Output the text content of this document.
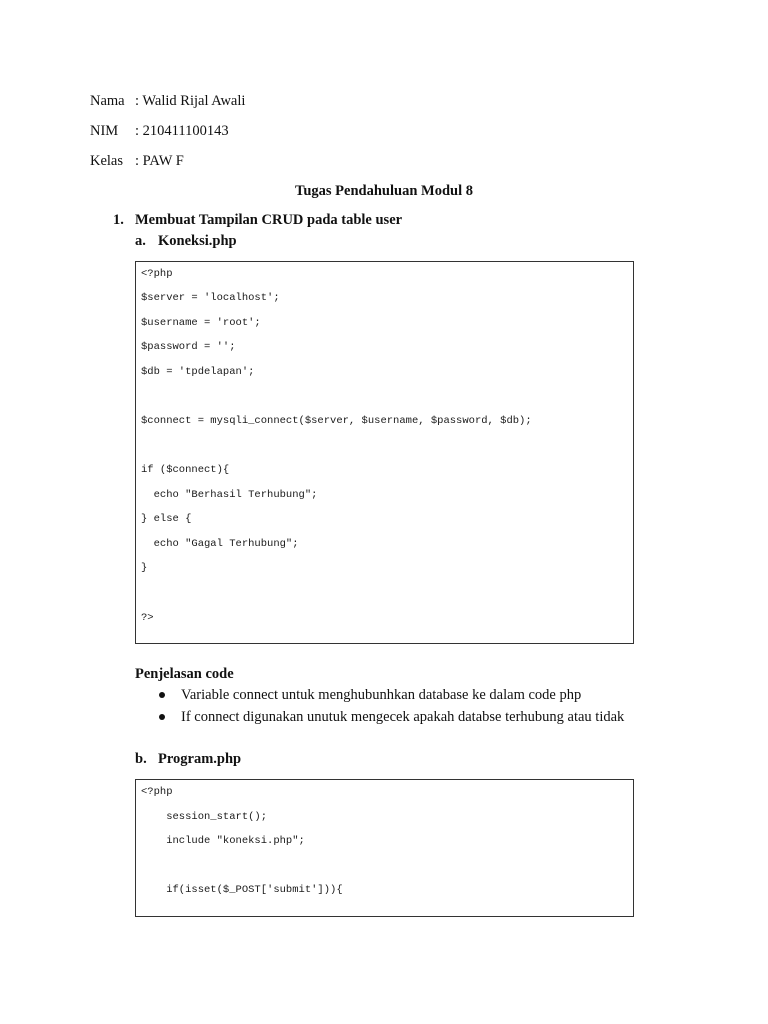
Nama : Walid Rijal Awali
NIM : 210411100143
Kelas : PAW F
Tugas Pendahuluan Modul 8
1. Membuat Tampilan CRUD pada table user
a. Koneksi.php
<?php
$server = 'localhost';
$username = 'root';
$password = '';
$db = 'tpdelapan';
$connect = mysqli_connect($server, $username, $password, $db);
if ($connect){
echo "Berhasil Terhubung";
} else {
echo "Gagal Terhubung";
}
?>
Penjelasan code
Variable connect untuk menghubunhkan database ke dalam code php
If connect digunakan unutuk mengecek apakah databse terhubung atau tidak
b. Program.php
<?php
session_start();
include "koneksi.php";
if(isset($_POST['submit'])){
